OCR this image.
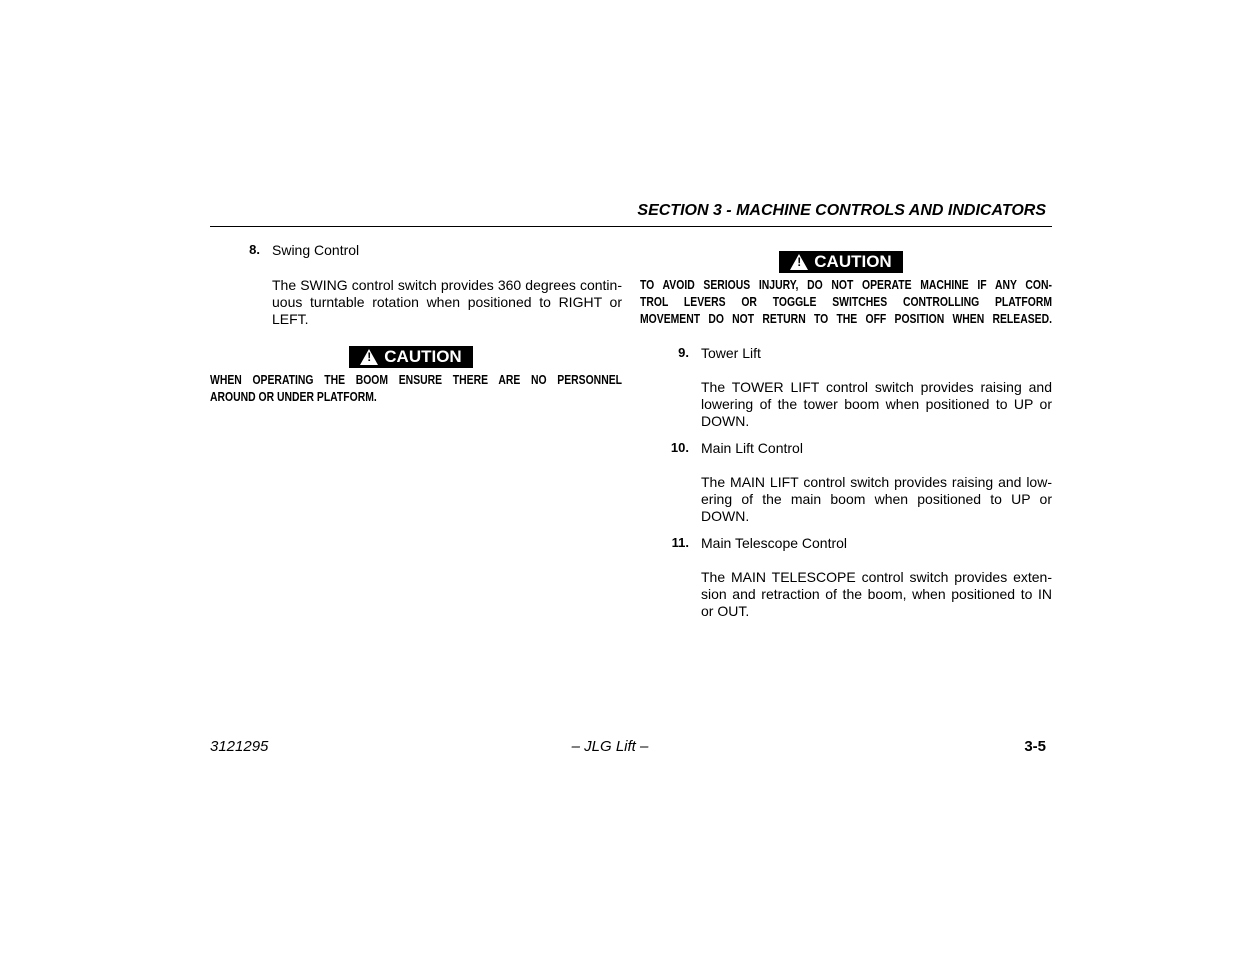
SECTION 3 - MACHINE CONTROLS AND INDICATORS
8. Swing Control
The SWING control switch provides 360 degrees contin-
uous turntable rotation when positioned to RIGHT or
LEFT.
!
CAUTION
WHEN OPERATING THE BOOM ENSURE THERE ARE NO PERSONNEL
AROUND OR UNDER PLATFORM.
!
CAUTION
TO AVOID SERIOUS INJURY, DO NOT OPERATE MACHINE IF ANY CON-
TROL LEVERS OR TOGGLE SWITCHES CONTROLLING PLATFORM
MOVEMENT DO NOT RETURN TO THE OFF POSITION WHEN RELEASED.
9. Tower Lift
The TOWER LIFT control switch provides raising and
lowering of the tower boom when positioned to UP or
DOWN.
10. Main Lift Control
The MAIN LIFT control switch provides raising and low-
ering of the main boom when positioned to UP or
DOWN.
11. Main Telescope Control
The MAIN TELESCOPE control switch provides exten-
sion and retraction of the boom, when positioned to IN
or OUT.
3121295	– JLG Lift –	3-5
